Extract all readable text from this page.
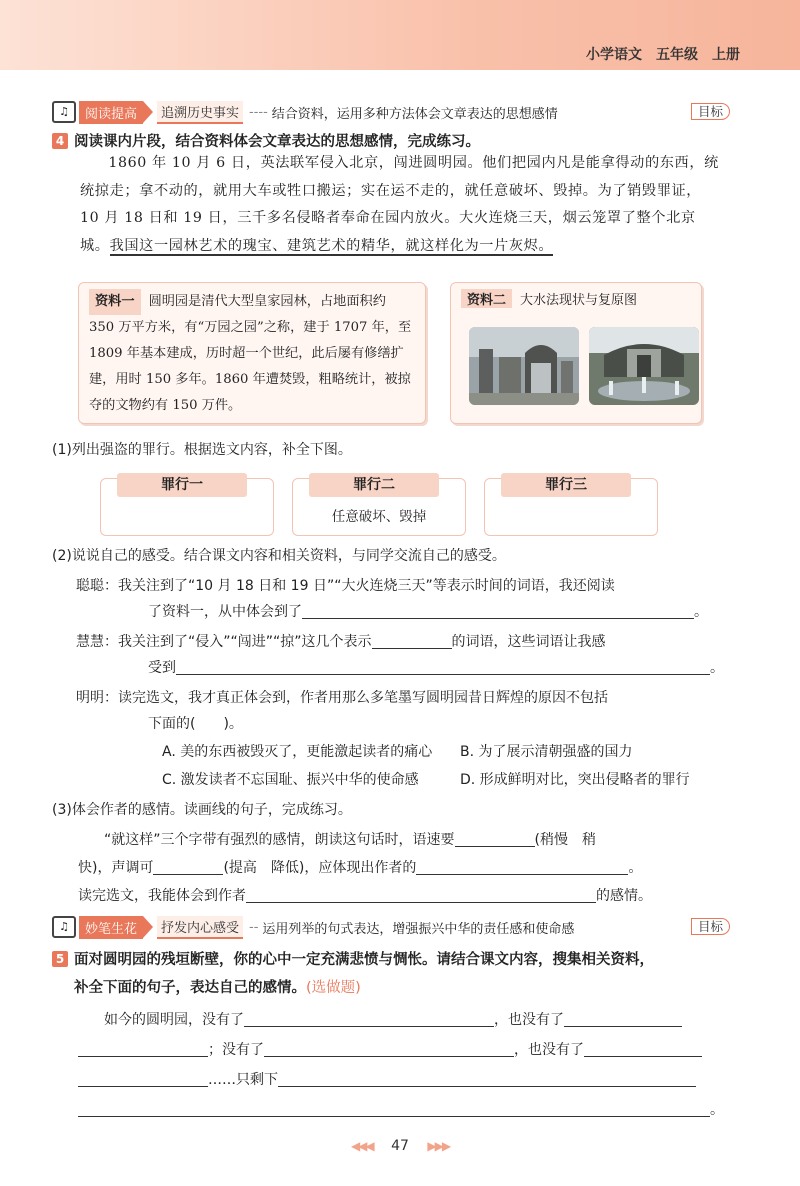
小学语文　五年级　上册
♫	阅读提高	追溯历史事实 ---- 结合资料，运用多种方法体会文章表达的思想感情	目标
4 阅读课内片段，结合资料体会文章表达的思想感情，完成练习。
1860 年 10 月 6 日，英法联军侵入北京，闯进圆明园。他们把园内凡是能拿得动的东西，统统掠走；拿不动的，就用大车或牲口搬运；实在运不走的，就任意破坏、毁掉。为了销毁罪证，10 月 18 日和 19 日，三千多名侵略者奉命在园内放火。大火连烧三天，烟云笼罩了整个北京城。我国这一园林艺术的瑰宝、建筑艺术的精华，就这样化为一片灰烬。
资料一 圆明园是清代大型皇家园林，占地面积约 350 万平方米，有“万园之园”之称，建于 1707 年，至 1809 年基本建成，历时超一个世纪，此后屡有修缮扩建，用时 150 多年。1860 年遭焚毁，粗略统计，被掠夺的文物约有 150 万件。
资料二 大水法现状与复原图
(1)列出强盗的罪行。根据选文内容，补全下图。
罪行一	罪行二
任意破坏、毁掉
罪行三
(2)说说自己的感受。结合课文内容和相关资料，与同学交流自己的感受。
聪聪：我关注到了“10 月 18 日和 19 日”“大火连烧三天”等表示时间的词语，我还阅读
了资料一，从中体会到了	。
慧慧：我关注到了“侵入”“闯进”“掠”这几个表示	的词语，这些词语让我感
受到	。
明明：读完选文，我才真正体会到，作者用那么多笔墨写圆明园昔日辉煌的原因不包括
下面的(　　)。
A. 美的东西被毁灭了，更能激起读者的痛心 B. 为了展示清朝强盛的国力
C. 激发读者不忘国耻、振兴中华的使命感	D. 形成鲜明对比，突出侵略者的罪行
(3)体会作者的感情。读画线的句子，完成练习。
“就这样”三个字带有强烈的感情，朗读这句话时，语速要	(稍慢　稍
快)，声调可	(提高　降低)，应体现出作者的	。
读完选文，我能体会到作者	的感情。
♫	妙笔生花	抒发内心感受 -- 运用列举的句式表达，增强振兴中华的责任感和使命感	目标
5 面对圆明园的残垣断壁，你的心中一定充满悲愤与惆怅。请结合课文内容，搜集相关资料，
补全下面的句子，表达自己的感情。(选做题)
如今的圆明园，没有了	，也没有了
；没有了	，也没有了
……只剩下
。
◀◀◀ 47 ▶▶▶
